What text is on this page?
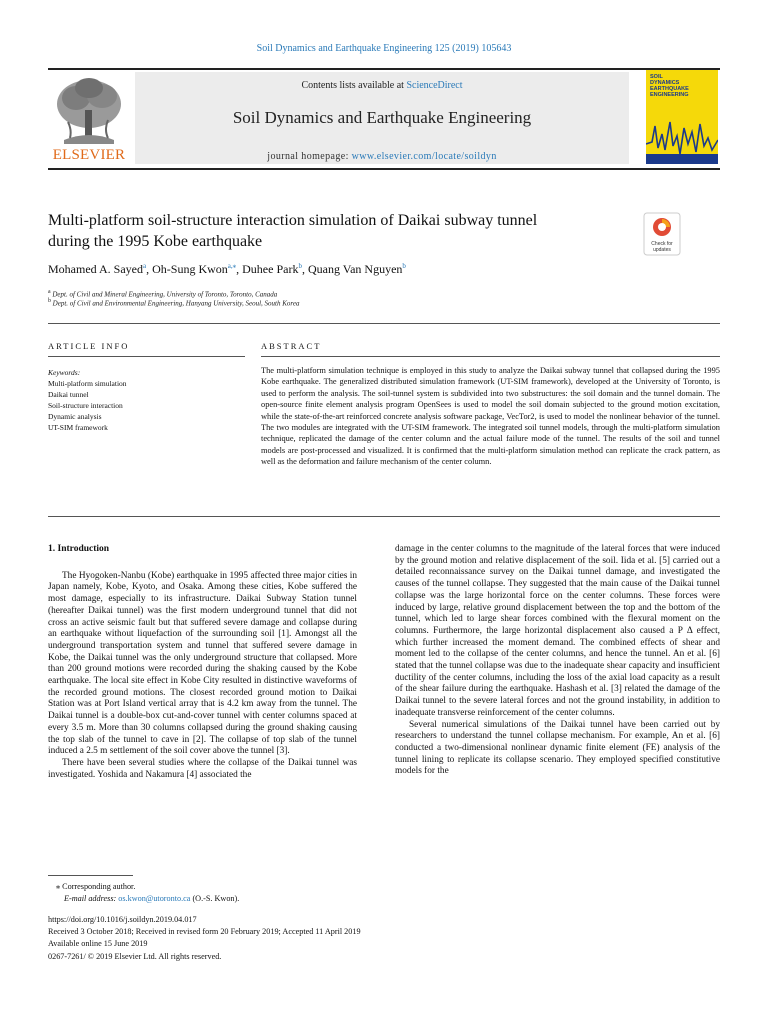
Soil Dynamics and Earthquake Engineering 125 (2019) 105643
ELSEVIER
Contents lists available at ScienceDirect
Soil Dynamics and Earthquake Engineering
journal homepage: www.elsevier.com/locate/soildyn
SOIL
DYNAMICS
EARTHQUAKE
ENGINEERING
Multi-platform soil-structure interaction simulation of Daikai subway tunnel
during the 1995 Kobe earthquake	Check for
updates
Mohamed A. Sayed$^a$, Oh-Sung Kwon$^{a,⁎}$, Duhee Park$^b$, Quang Van Nguyen$^b$
$^a$ Dept. of Civil and Mineral Engineering, University of Toronto, Toronto, Canada
$^b$ Dept. of Civil and Environmental Engineering, Hanyang University, Seoul, South Korea
ARTICLE INFO	ABSTRACT
Keywords:
Multi-platform simulation
Daikai tunnel
Soil-structure interaction
Dynamic analysis
UT-SIM framework
The multi-platform simulation technique is employed in this study to analyze the Daikai subway tunnel that collapsed during the 1995 Kobe earthquake. The generalized distributed simulation framework (UT-SIM framework), developed at the University of Toronto, is used to perform the analysis. The soil-tunnel system is subdivided into two substructures: the soil domain and the tunnel domain. The open-source finite element analysis program OpenSees is used to model the soil domain subjected to the ground motion excitation, while the state-of-the-art reinforced concrete analysis software package, VecTor2, is used to model the nonlinear behavior of the tunnel. The two modules are integrated with the UT-SIM framework. The integrated soil tunnel models, through the multi-platform simulation technique, replicated the damage of the center column and the actual failure mode of the tunnel. The results of the soil and tunnel models are post-processed and visualized. It is confirmed that the multi-platform simulation method can replicate the crack pattern, as well as the deformation and failure mechanism of the center column.
1. Introduction

The Hyogoken-Nanbu (Kobe) earthquake in 1995 affected three major cities in Japan namely, Kobe, Kyoto, and Osaka. Among these cities, Kobe suffered the most damage, especially to its infrastructure. Daikai Subway Station tunnel (hereafter Daikai tunnel) was the first modern underground tunnel that did not cross an active seismic fault but that suffered severe damage and collapse during an earthquake without liquefaction of the surrounding soil [1]. Amongst all the underground transportation system and tunnel that suffered severe damage in Kobe, the Daikai tunnel was the only underground structure that collapsed. More than 200 ground motions were recorded during the shaking caused by the Kobe earthquake. The local site effect in Kobe City resulted in distinctive waveforms of the recorded ground motions. The closest recorded ground motion to Daikai Station was at Port Island vertical array that is 4.2 km away from the tunnel. The Daikai tunnel is a double-box cut-and-cover tunnel with center columns spaced at every 3.5 m. More than 30 columns collapsed during the ground shaking causing the top slab of the tunnel to cave in [2]. The collapse of top slab of the tunnel induced a 2.5 m settlement of the soil cover above the tunnel [3].

There have been several studies where the collapse of the Daikai tunnel was investigated. Yoshida and Nakamura [4] associated the

damage in the center columns to the magnitude of the lateral forces that were induced by the ground motion and relative displacement of the soil. Iida et al. [5] carried out a detailed reconnaissance survey on the Daikai tunnel damage, and investigated the causes of the tunnel collapse. They suggested that the main cause of the Daikai tunnel collapse was the large horizontal force on the center columns. These forces were induced by large, relative ground displacement between the top and the bottom of the tunnel, which led to large shear forces combined with the flexural moment on the columns. Furthermore, the large horizontal displacement also caused a P Δ effect, which further increased the moment demand. The combined effects of shear and moment led to the collapse of the center columns, and hence the tunnel. An et al. [6] stated that the tunnel collapse was due to the inadequate shear capacity and insufficient ductility of the center columns, including the loss of the axial load capacity as a result of the shear failure during the earthquake. Hashash et al. [3] related the damage of the Daikai tunnel to the severe lateral forces and not the ground instability, in addition to inadequate transverse reinforcement of the center columns.

Several numerical simulations of the Daikai tunnel have been carried out by researchers to understand the tunnel collapse mechanism. For example, An et al. [6] conducted a two-dimensional nonlinear dynamic finite element (FE) analysis of the tunnel lining to replicate its collapse scenario. They employed specified constitutive models for the

⁎ Corresponding author.
E-mail address: os.kwon@utoronto.ca (O.-S. Kwon).
https://doi.org/10.1016/j.soildyn.2019.04.017
Received 3 October 2018; Received in revised form 20 February 2019; Accepted 11 April 2019
Available online 15 June 2019
0267-7261/ © 2019 Elsevier Ltd. All rights reserved.
